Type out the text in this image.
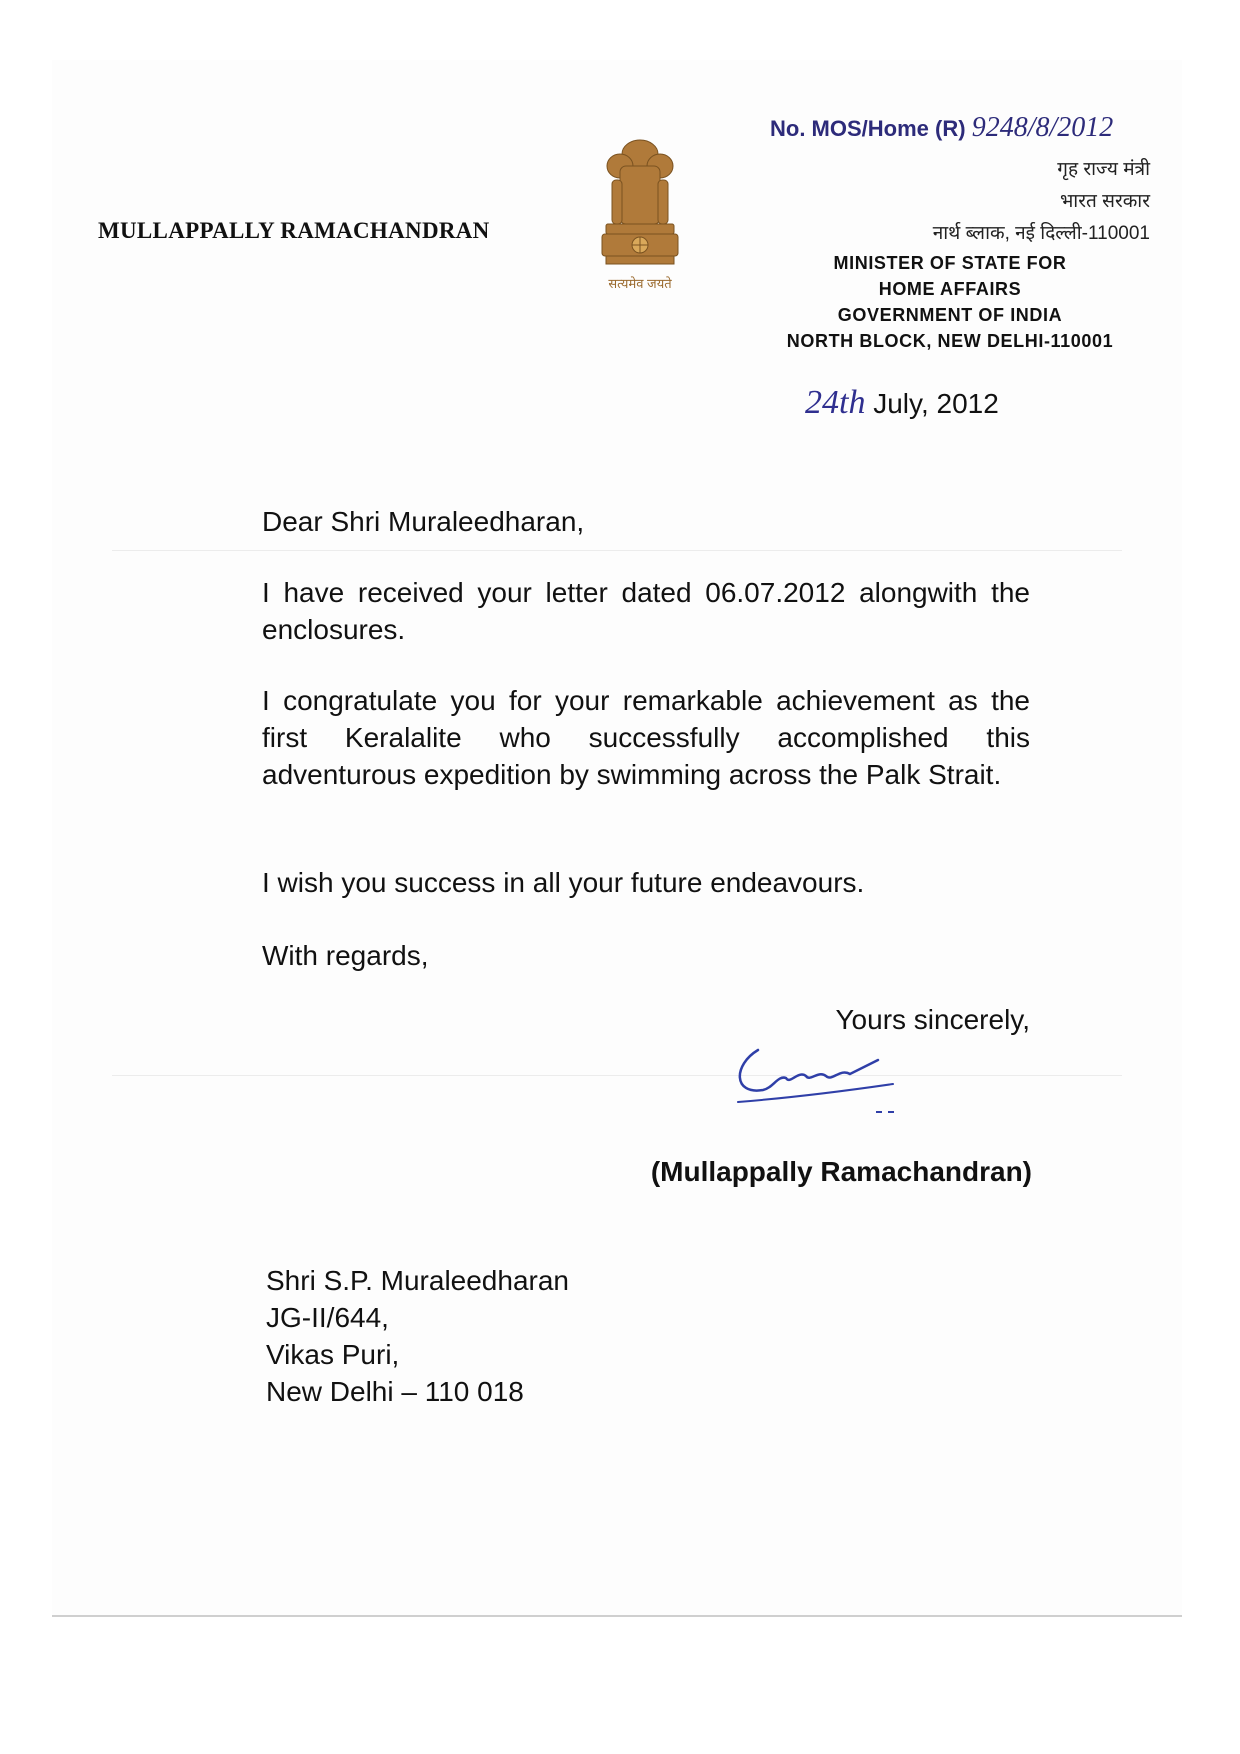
MULLAPPALLY RAMACHANDRAN
सत्यमेव जयते
No. MOS/Home (R) 9248/8/2012
गृह राज्य मंत्री
भारत सरकार
नार्थ ब्लाक, नई दिल्ली-110001
MINISTER OF STATE FOR
HOME AFFAIRS
GOVERNMENT OF INDIA
NORTH BLOCK, NEW DELHI-110001
24th July, 2012
Dear Shri Muraleedharan,
I have received your letter dated 06.07.2012 alongwith the enclosures.
I congratulate you for your remarkable achievement as the first Keralalite who successfully accomplished this adventurous expedition by swimming across the Palk Strait.
I wish you success in all your future endeavours.
With regards,
Yours sincerely,
(Mullappally Ramachandran)
Shri S.P. Muraleedharan
JG-II/644,
Vikas Puri,
New Delhi – 110 018
